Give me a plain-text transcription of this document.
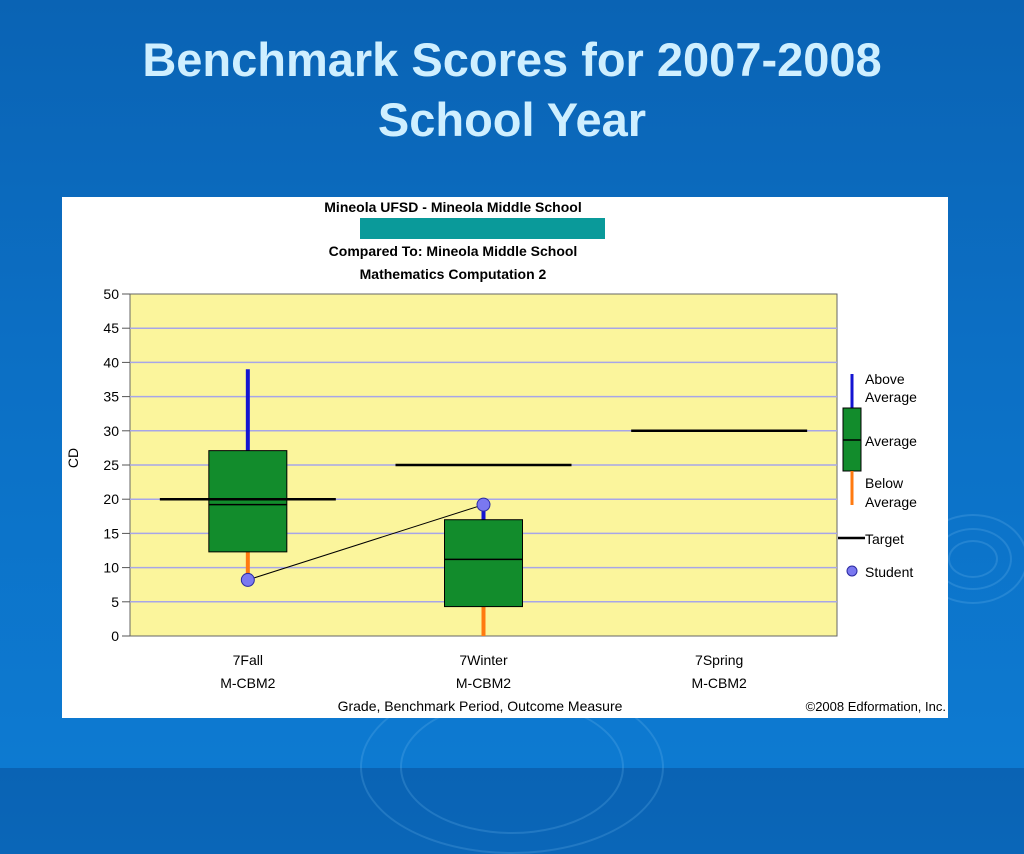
Benchmark Scores for 2007-2008
School Year
Mineola UFSD - Mineola Middle School
Compared To: Mineola Middle School
Mathematics Computation 2
0
5
10
15
20
25
30
35
40
45
50
CD
7Fall
M-CBM2
7Winter
M-CBM2
7Spring
M-CBM2
Grade, Benchmark Period, Outcome Measure	©2008 Edformation, Inc.
Above
Average
Average
Below
Average
Target
Student
